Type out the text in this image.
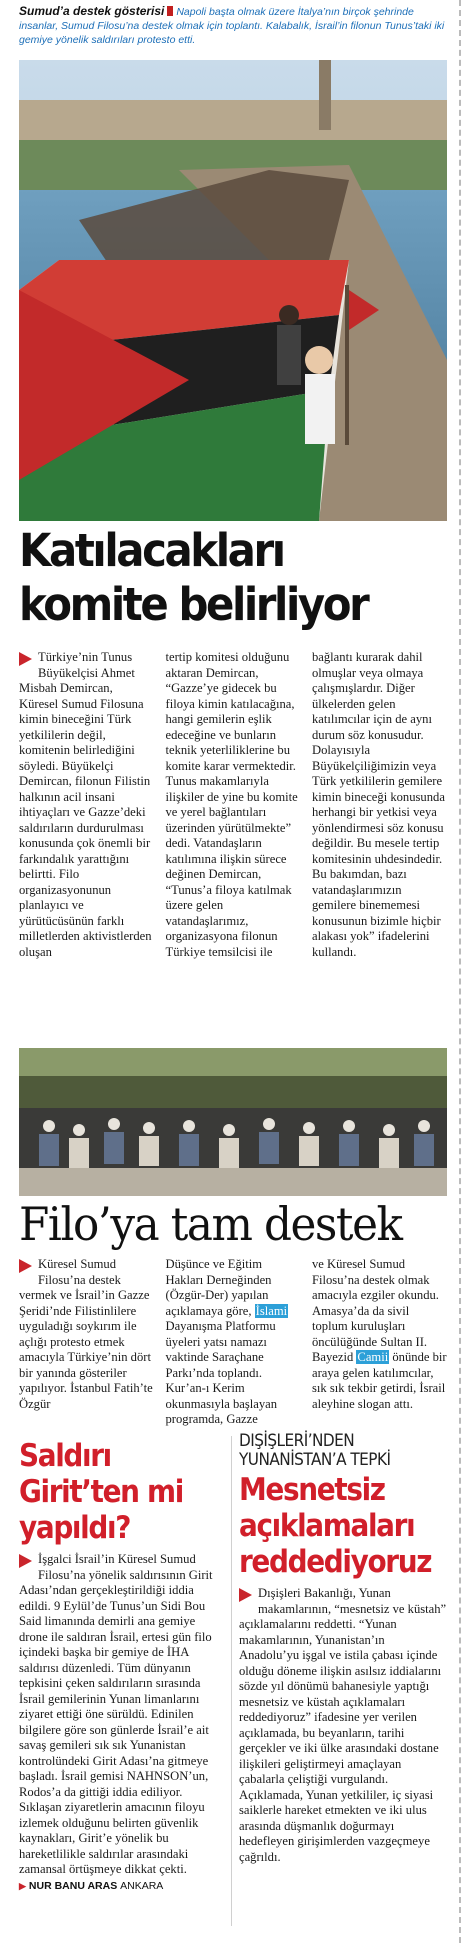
Sumud’a destek gösterisi Napoli başta olmak üzere İtalya’nın birçok şehrinde insanlar, Sumud Filosu’na destek olmak için toplantı. Kalabalık, İsrail’in filonun Tunus’taki iki gemiye yönelik saldırıları protesto etti.
Katılacakları
komite belirliyor

Türkiye’nin Tunus Büyükelçisi Ahmet Misbah Demircan, Küresel Sumud Filosuna kimin bineceğini Türk yetkililerin değil, komitenin belirlediğini söyledi. Büyükelçi Demircan, filonun Filistin halkının acil insani ihtiyaçları ve Gazze’deki saldırıların durdurulması konusunda çok önemli bir farkındalık yarattığını belirtti. Filo organizasyonunun planlayıcı ve yürütücüsünün farklı milletlerden aktivistlerden oluşan

tertip komitesi olduğunu aktaran Demircan, “Gazze’ye gidecek bu filoya kimin katılacağına, hangi gemilerin eşlik edeceğine ve bunların teknik yeterliliklerine bu komite karar vermektedir. Tunus makamlarıyla ilişkiler de yine bu komite ve yerel bağlantıları üzerinden yürütülmekte” dedi. Vatandaşların katılımına ilişkin sürece değinen Demircan, “Tunus’a filoya katılmak üzere gelen vatandaşlarımız, organizasyona filonun Türkiye temsilcisi ile

bağlantı kurarak dahil olmuşlar veya olmaya çalışmışlardır. Diğer ülkelerden gelen katılımcılar için de aynı durum söz konusudur. Dolayısıyla Büyükelçiliğimizin veya Türk yetkililerin gemilere kimin bineceği konusunda herhangi bir yetkisi veya yönlendirmesi söz konusu değildir. Bu mesele tertip komitesinin uhdesindedir. Bu bakımdan, bazı vatandaşlarımızın gemilere binememesi konusunun bizimle hiçbir alakası yok” ifadelerini kullandı.

Filo’ya tam destek

Küresel Sumud Filosu’na destek vermek ve İsrail’in Gazze Şeridi’nde Filistinlilere uyguladığı soykırım ile açlığı protesto etmek amacıyla Türkiye’nin dört bir yanında gösteriler yapılıyor. İstanbul Fatih’te Özgür

Düşünce ve Eğitim Hakları Derneğinden (Özgür-Der) yapılan açıklamaya göre, İslami Dayanışma Platformu üyeleri yatsı namazı vaktinde Saraçhane Parkı’nda toplandı. Kur’an-ı Kerim okunmasıyla başlayan programda, Gazze

ve Küresel Sumud Filosu’na destek olmak amacıyla ezgiler okundu. Amasya’da da sivil toplum kuruluşları öncülüğünde Sultan II. Bayezid Camii önünde bir araya gelen katılımcılar, sık sık tekbir getirdi, İsrail aleyhine slogan attı.

Saldırı
Girit’ten mi
yapıldı?
İşgalci İsrail’in Küresel Sumud Filosu’na yönelik saldırısının Girit Adası’ndan gerçekleştirildiği iddia edildi. 9 Eylül’de Tunus’un Sidi Bou Said limanında demirli ana gemiye drone ile saldıran İsrail, ertesi gün filo içindeki başka bir gemiye de İHA saldırısı düzenledi. Tüm dünyanın tepkisini çeken saldırıların sırasında İsrail gemilerinin Yunan limanlarını ziyaret ettiği öne sürüldü. Edinilen bilgilere göre son günlerde İsrail’e ait savaş gemileri sık sık Yunanistan kontrolündeki Girit Adası’na gitmeye başladı. İsrail gemisi NAHNSON’un, Rodos’a da gittiği iddia ediliyor. Sıklaşan ziyaretlerin amacının filoyu izlemek olduğunu belirten güvenlik kaynakları, Girit’e yönelik bu hareketlilikle saldırılar arasındaki zamansal örtüşmeye dikkat çekti.
▶ NUR BANU ARAS ANKARA
DIŞİŞLERİ’NDEN
YUNANİSTAN’A TEPKİ
Mesnetsiz
açıklamaları
reddediyoruz
Dışişleri Bakanlığı, Yunan makamlarının, “mesnetsiz ve küstah” açıklamalarını reddetti. “Yunan makamlarının, Yunanistan’ın Anadolu’yu işgal ve istila çabası içinde olduğu döneme ilişkin asılsız iddialarını sözde yıl dönümü bahanesiyle yaptığı mesnetsiz ve küstah açıklamaları reddediyoruz” ifadesine yer verilen açıklamada, bu beyanların, tarihi gerçekler ve iki ülke arasındaki dostane ilişkileri geliştirmeyi amaçlayan çabalarla çeliştiği vurgulandı. Açıklamada, Yunan yetkililer, iç siyasi saiklerle hareket etmekten ve iki ulus arasında düşmanlık doğurmayı hedefleyen girişimlerden vazgeçmeye çağrıldı.
